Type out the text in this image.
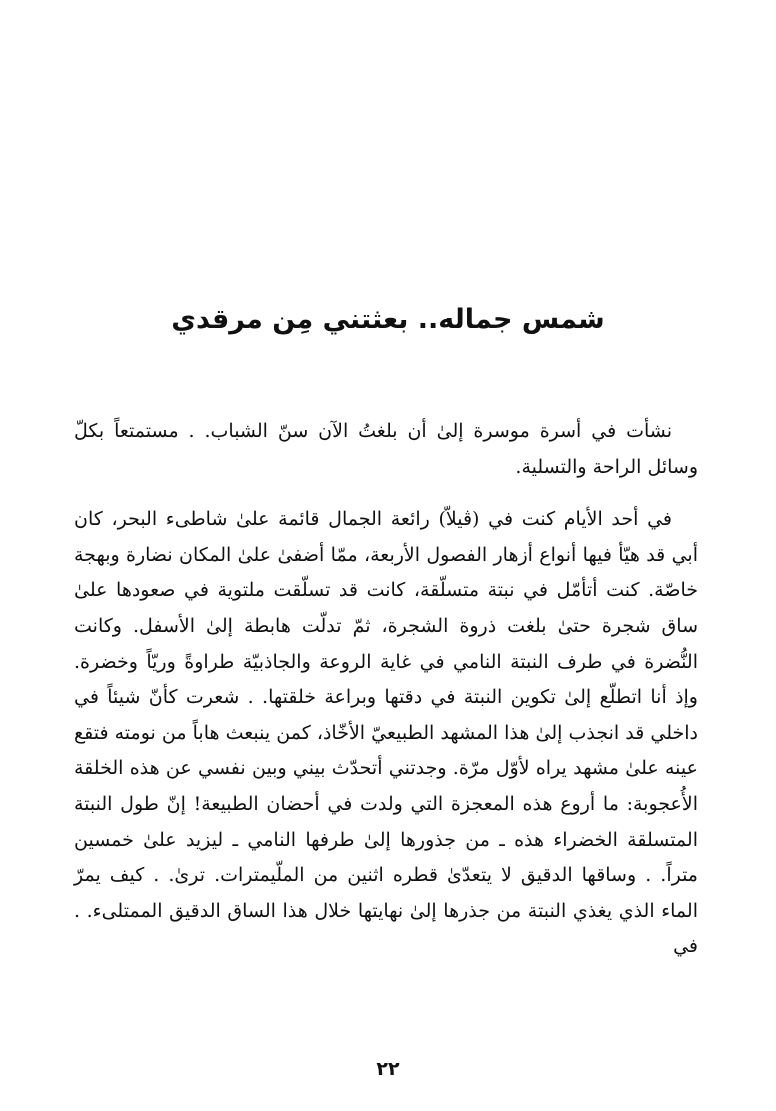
شمس جماله.. بعثتني مِن مرقدي

نشأت في أسرة موسرة إلىٰ أن بلغتُ الآن سنّ الشباب. . مستمتعاً بكلّ وسائل الراحة والتسلية.

في أحد الأيام كنت في (ڤيلاّ) رائعة الجمال قائمة علىٰ شاطىء البحر، كان أبي قد هيّأ فيها أنواع أزهار الفصول الأربعة، ممّا أضفىٰ علىٰ المكان نضارة وبهجة خاصّة. كنت أتأمّل في نبتة متسلّقة، كانت قد تسلّقت ملتوية في صعودها علىٰ ساق شجرة حتىٰ بلغت ذروة الشجرة، ثمّ تدلّت هابطة إلىٰ الأسفل. وكانت النُّضرة في طرف النبتة النامي في غاية الروعة والجاذبيّة طراوةً وريّاً وخضرة. وإذ أنا اتطلّع إلىٰ تكوين النبتة في دقتها وبراعة خلقتها. . شعرت كأنّ شيئاً في داخلي قد انجذب إلىٰ هذا المشهد الطبيعيّ الأخّاذ، كمن ينبعث هاباً من نومته فتقع عينه علىٰ مشهد يراه لأوّل مرّة. وجدتني أتحدّث بيني وبين نفسي عن هذه الخلقة الأُعجوبة: ما أروع هذه المعجزة التي ولدت في أحضان الطبيعة! إنّ طول النبتة المتسلقة الخضراء هذه ـ من جذورها إلىٰ طرفها النامي ـ ليزيد علىٰ خمسين متراً. . وساقها الدقيق لا يتعدّىٰ قطره اثنين من الملّيمترات. ترىٰ. . كيف يمرّ الماء الذي يغذي النبتة من جذرها إلىٰ نهايتها خلال هذا الساق الدقيق الممتلىء. . في

٢٢
